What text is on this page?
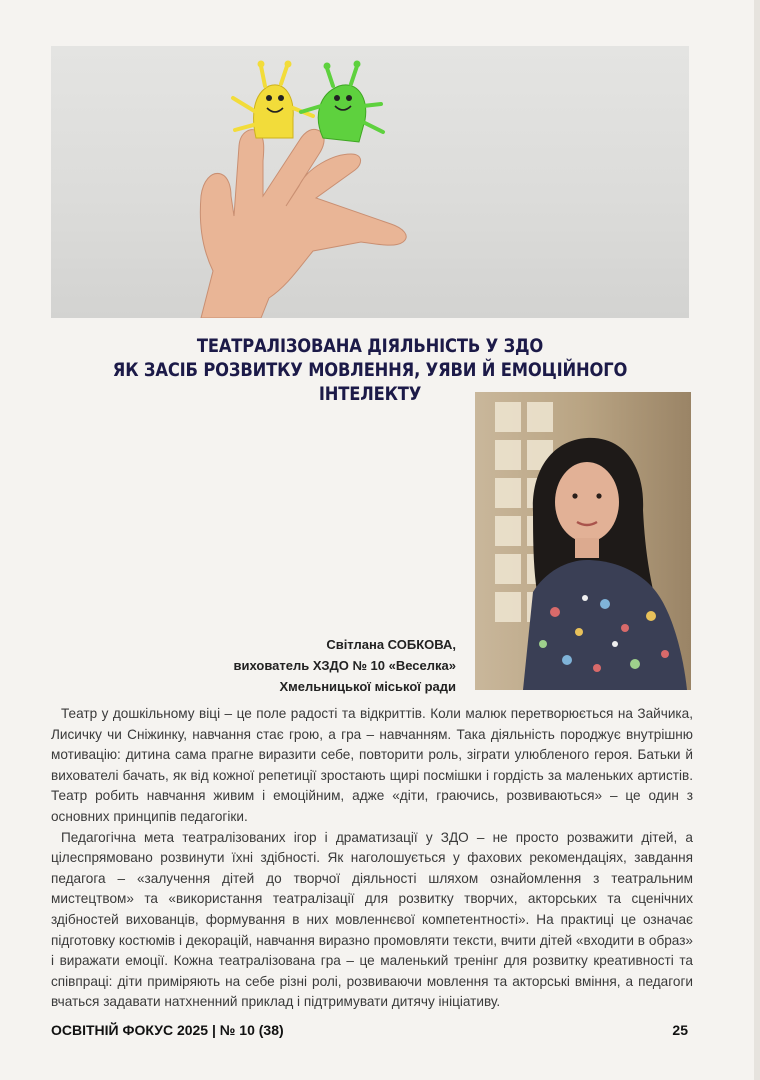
ТЕАТРАЛІЗОВАНА ДІЯЛЬНІСТЬ У ЗДО
ЯК ЗАСІБ РОЗВИТКУ МОВЛЕННЯ, УЯВИ Й ЕМОЦІЙНОГО
ІНТЕЛЕКТУ
Світлана СОБКОВА,
вихователь ХЗДО № 10 «Веселка»
Хмельницької міської ради

Театр у дошкільному віці – це поле радості та відкриттів. Коли малюк перетворюється на Зайчика, Лисичку чи Сніжинку, навчання стає грою, а гра – навчанням. Така діяльність породжує внутрішню мотивацію: дитина сама прагне виразити себе, повторити роль, зіграти улюбленого героя. Батьки й вихователі бачать, як від кожної репетиції зростають щирі посмішки і гордість за маленьких артистів. Театр робить навчання живим і емоційним, адже «діти, граючись, розвиваються» – це один з основних принципів педагогіки.

Педагогічна мета театралізованих ігор і драматизації у ЗДО – не просто розважити дітей, а цілеспрямовано розвинути їхні здібності. Як наголошується у фахових рекомендаціях, завдання педагога – «залучення дітей до творчої діяльності шляхом ознайомлення з театральним мистецтвом» та «використання театралізації для розвитку творчих, акторських та сценічних здібностей вихованців, формування в них мовленнєвої компетентності». На практиці це означає підготовку костюмів і декорацій, навчання виразно промовляти тексти, вчити дітей «входити в образ» і виражати емоції. Кожна театралізована гра – це маленький тренінг для розвитку креативності та співпраці: діти приміряють на себе різні ролі, розвиваючи мовлення та акторські вміння, а педагоги вчаться задавати натхненний приклад і підтримувати дитячу ініціативу.

ОСВІТНІЙ ФОКУС 2025 | № 10 (38)	25
